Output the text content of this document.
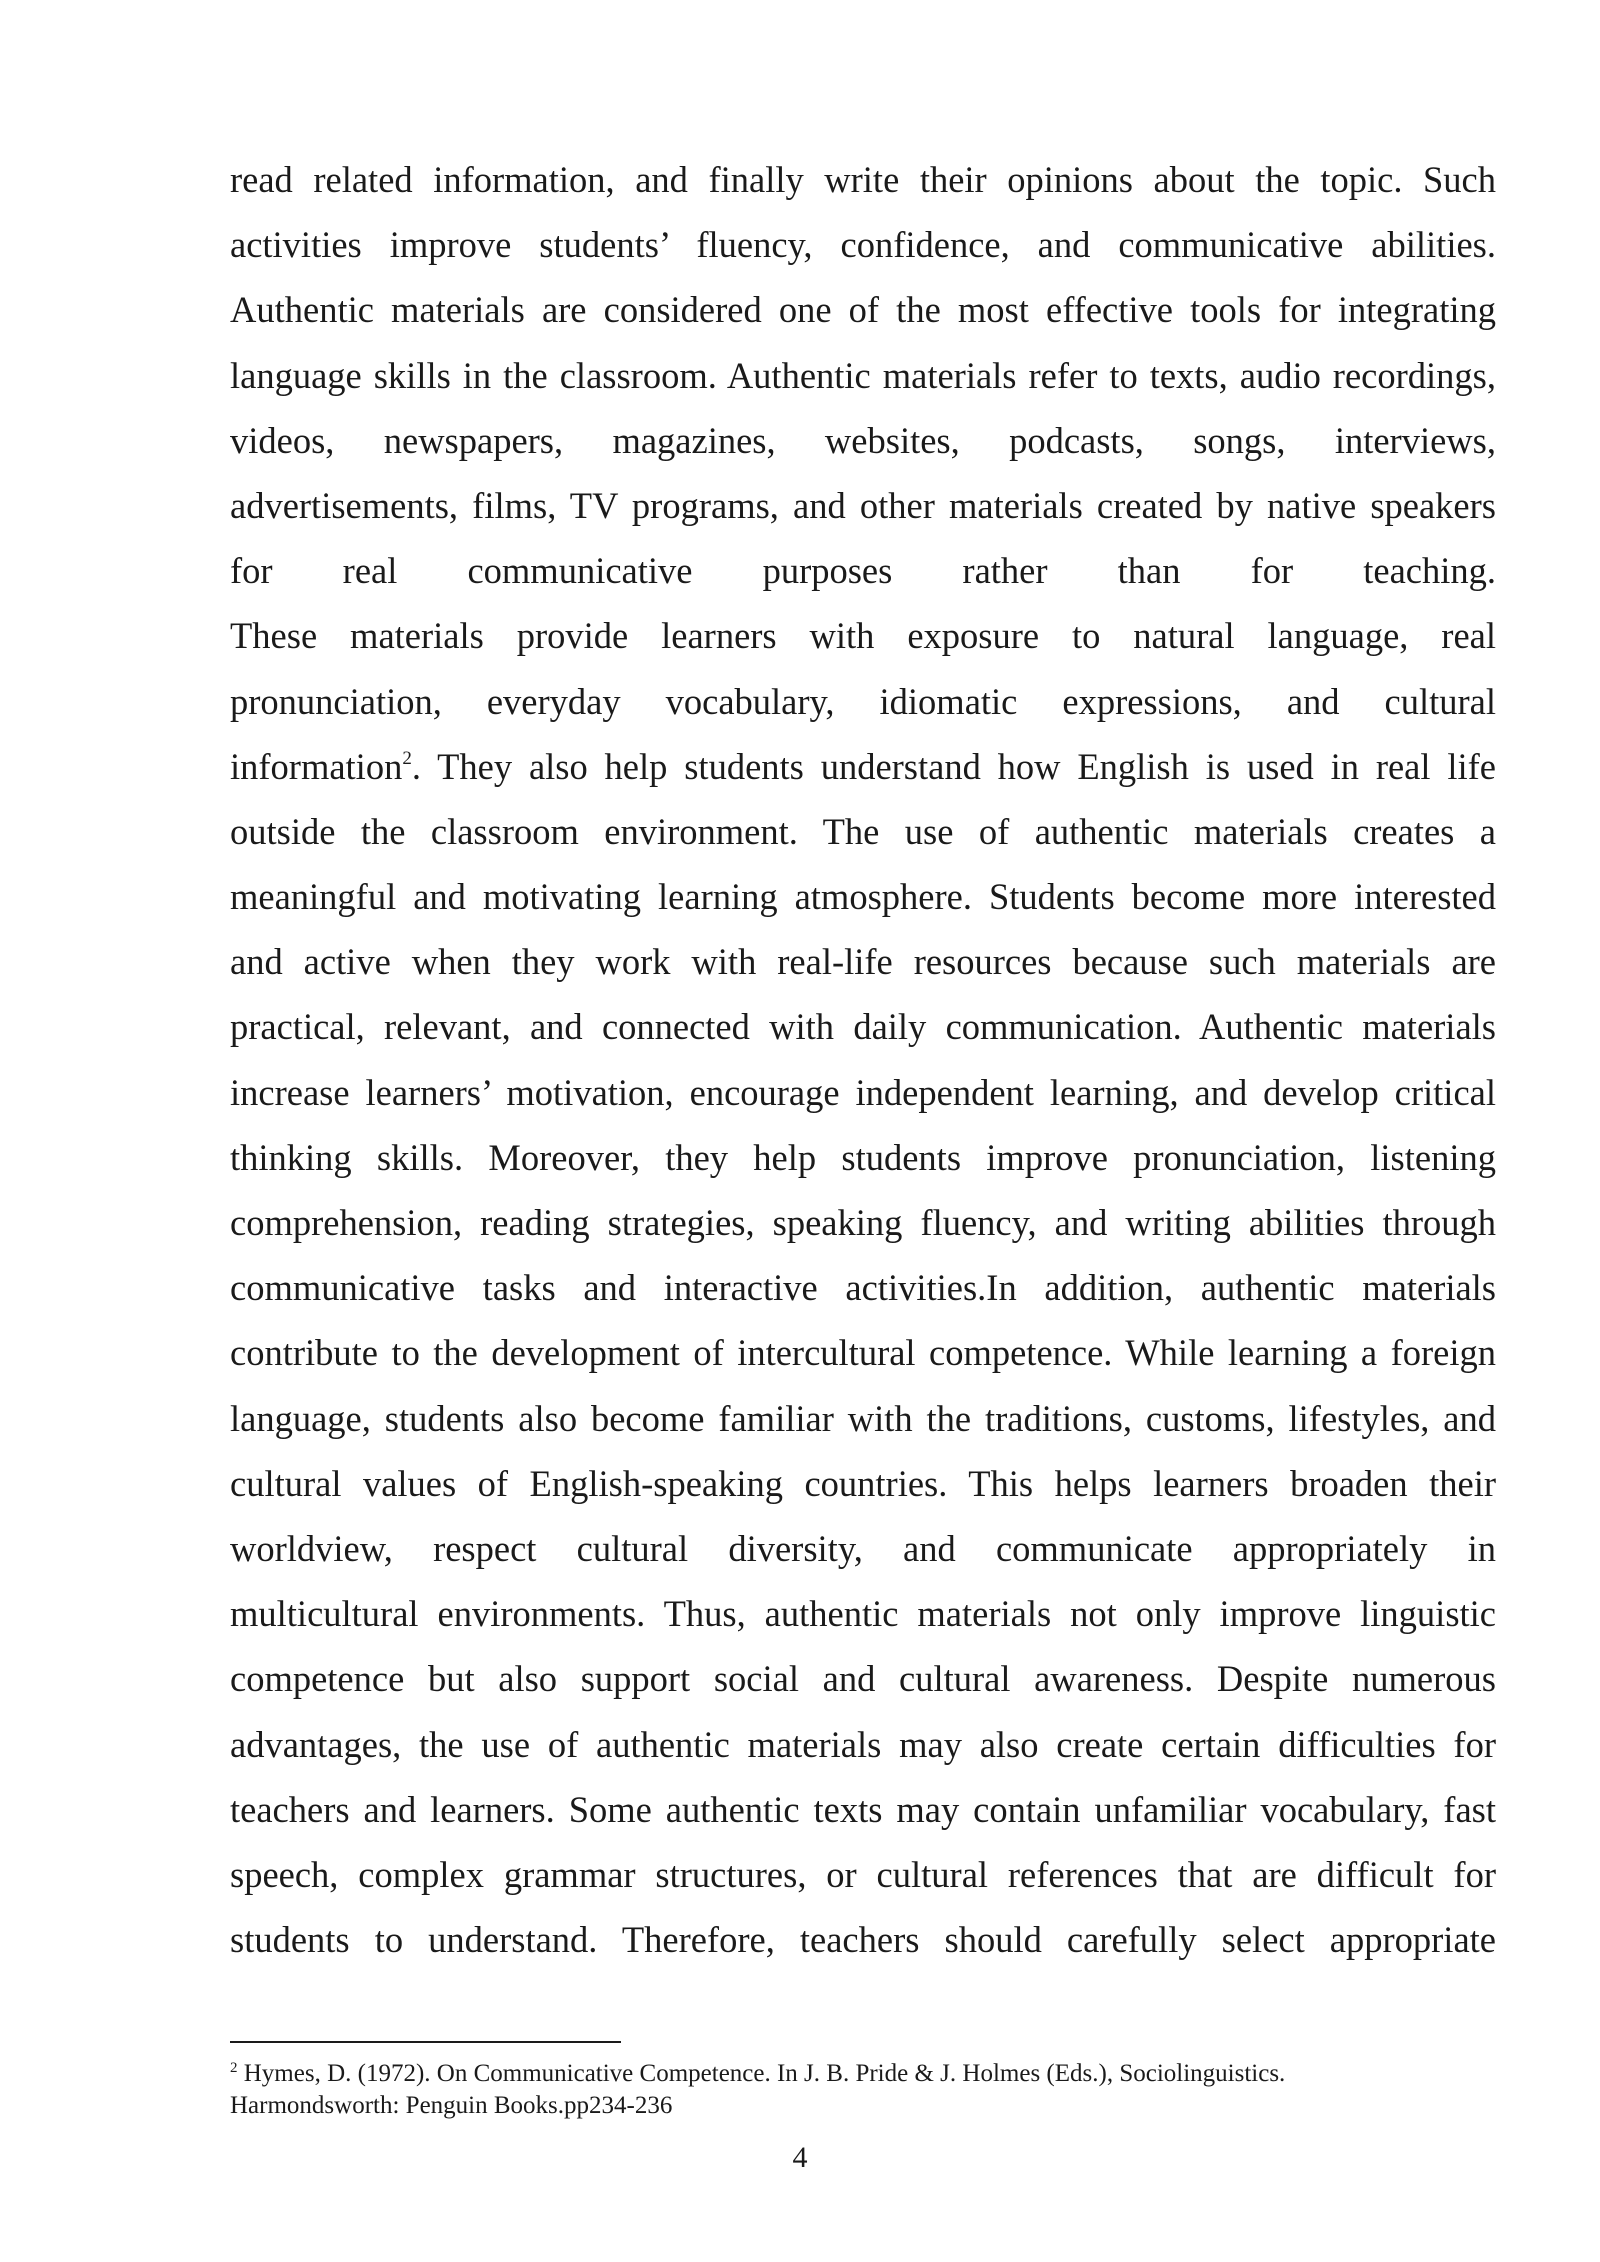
read related information, and finally write their opinions about the topic. Such
activities improve students’ fluency, confidence, and communicative abilities.
Authentic materials are considered one of the most effective tools for integrating
language skills in the classroom. Authentic materials refer to texts, audio recordings,
videos, newspapers, magazines, websites, podcasts, songs, interviews,
advertisements, films, TV programs, and other materials created by native speakers
for real communicative purposes rather than for teaching.
These materials provide learners with exposure to natural language, real
pronunciation, everyday vocabulary, idiomatic expressions, and cultural
information$^2$. They also help students understand how English is used in real life
outside the classroom environment. The use of authentic materials creates a
meaningful and motivating learning atmosphere. Students become more interested
and active when they work with real-life resources because such materials are
practical, relevant, and connected with daily communication. Authentic materials
increase learners’ motivation, encourage independent learning, and develop critical
thinking skills. Moreover, they help students improve pronunciation, listening
comprehension, reading strategies, speaking fluency, and writing abilities through
communicative tasks and interactive activities.In addition, authentic materials
contribute to the development of intercultural competence. While learning a foreign
language, students also become familiar with the traditions, customs, lifestyles, and
cultural values of English-speaking countries. This helps learners broaden their
worldview, respect cultural diversity, and communicate appropriately in
multicultural environments. Thus, authentic materials not only improve linguistic
competence but also support social and cultural awareness. Despite numerous
advantages, the use of authentic materials may also create certain difficulties for
teachers and learners. Some authentic texts may contain unfamiliar vocabulary, fast
speech, complex grammar structures, or cultural references that are difficult for
students to understand. Therefore, teachers should carefully select appropriate
$^2$ Hymes, D. (1972). On Communicative Competence. In J. B. Pride & J. Holmes (Eds.), Sociolinguistics.
Harmondsworth: Penguin Books.pp234-236
4
